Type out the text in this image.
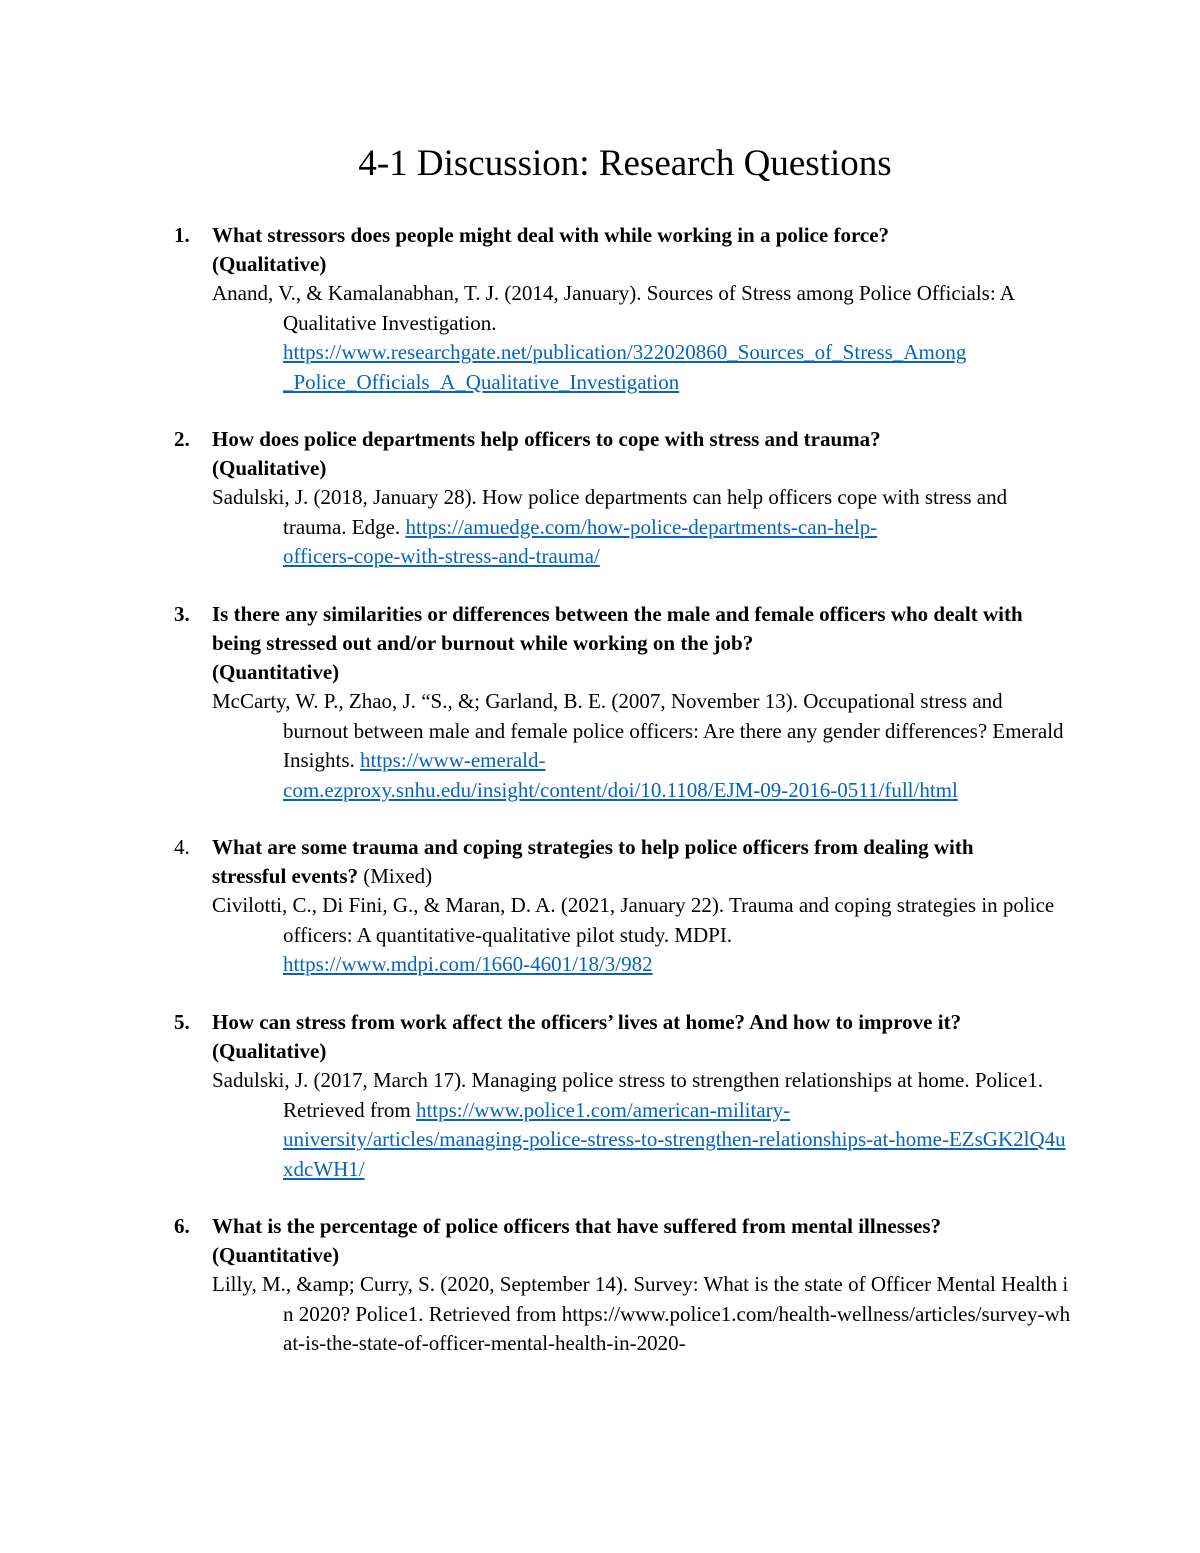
4-1 Discussion: Research Questions
1. What stressors does people might deal with while working in a police force?
(Qualitative)
Anand, V., & Kamalanabhan, T. J. (2014, January). Sources of Stress among Police Officials: A Qualitative Investigation. https://www.researchgate.net/publication/322020860_Sources_of_Stress_Among
_Police_Officials_A_Qualitative_Investigation
2. How does police departments help officers to cope with stress and trauma?
(Qualitative)
Sadulski, J. (2018, January 28). How police departments can help officers cope with stress and trauma. Edge. https://amuedge.com/how-police-departments-can-help-
officers-cope-with-stress-and-trauma/
3. Is there any similarities or differences between the male and female officers who dealt with being stressed out and/or burnout while working on the job?
(Quantitative)
McCarty, W. P., Zhao, J. “S., &; Garland, B. E. (2007, November 13). Occupational stress and burnout between male and female police officers: Are there any gender differences? Emerald Insights. https://www-emerald-
com.ezproxy.snhu.edu/insight/content/doi/10.1108/EJM-09-2016-0511/full/html
4. What are some trauma and coping strategies to help police officers from dealing with stressful events? (Mixed)
Civilotti, C., Di Fini, G., & Maran, D. A. (2021, January 22). Trauma and coping strategies in police officers: A quantitative-qualitative pilot study. MDPI.
https://www.mdpi.com/1660-4601/18/3/982
5. How can stress from work affect the officers’ lives at home? And how to improve it?
(Qualitative)
Sadulski, J. (2017, March 17). Managing police stress to strengthen relationships at home. Police1. Retrieved from https://www.police1.com/american-military-
university/articles/managing-police-stress-to-strengthen-relationships-at-home-EZsGK2lQ4uxdcWH1/
6. What is the percentage of police officers that have suffered from mental illnesses?
(Quantitative)
Lilly, M., &amp; Curry, S. (2020, September 14). Survey: What is the state of Officer Mental Health in 2020? Police1. Retrieved from https://www.police1.com/health-wellness/articles/survey-what-is-the-state-of-officer-mental-health-in-2020-
